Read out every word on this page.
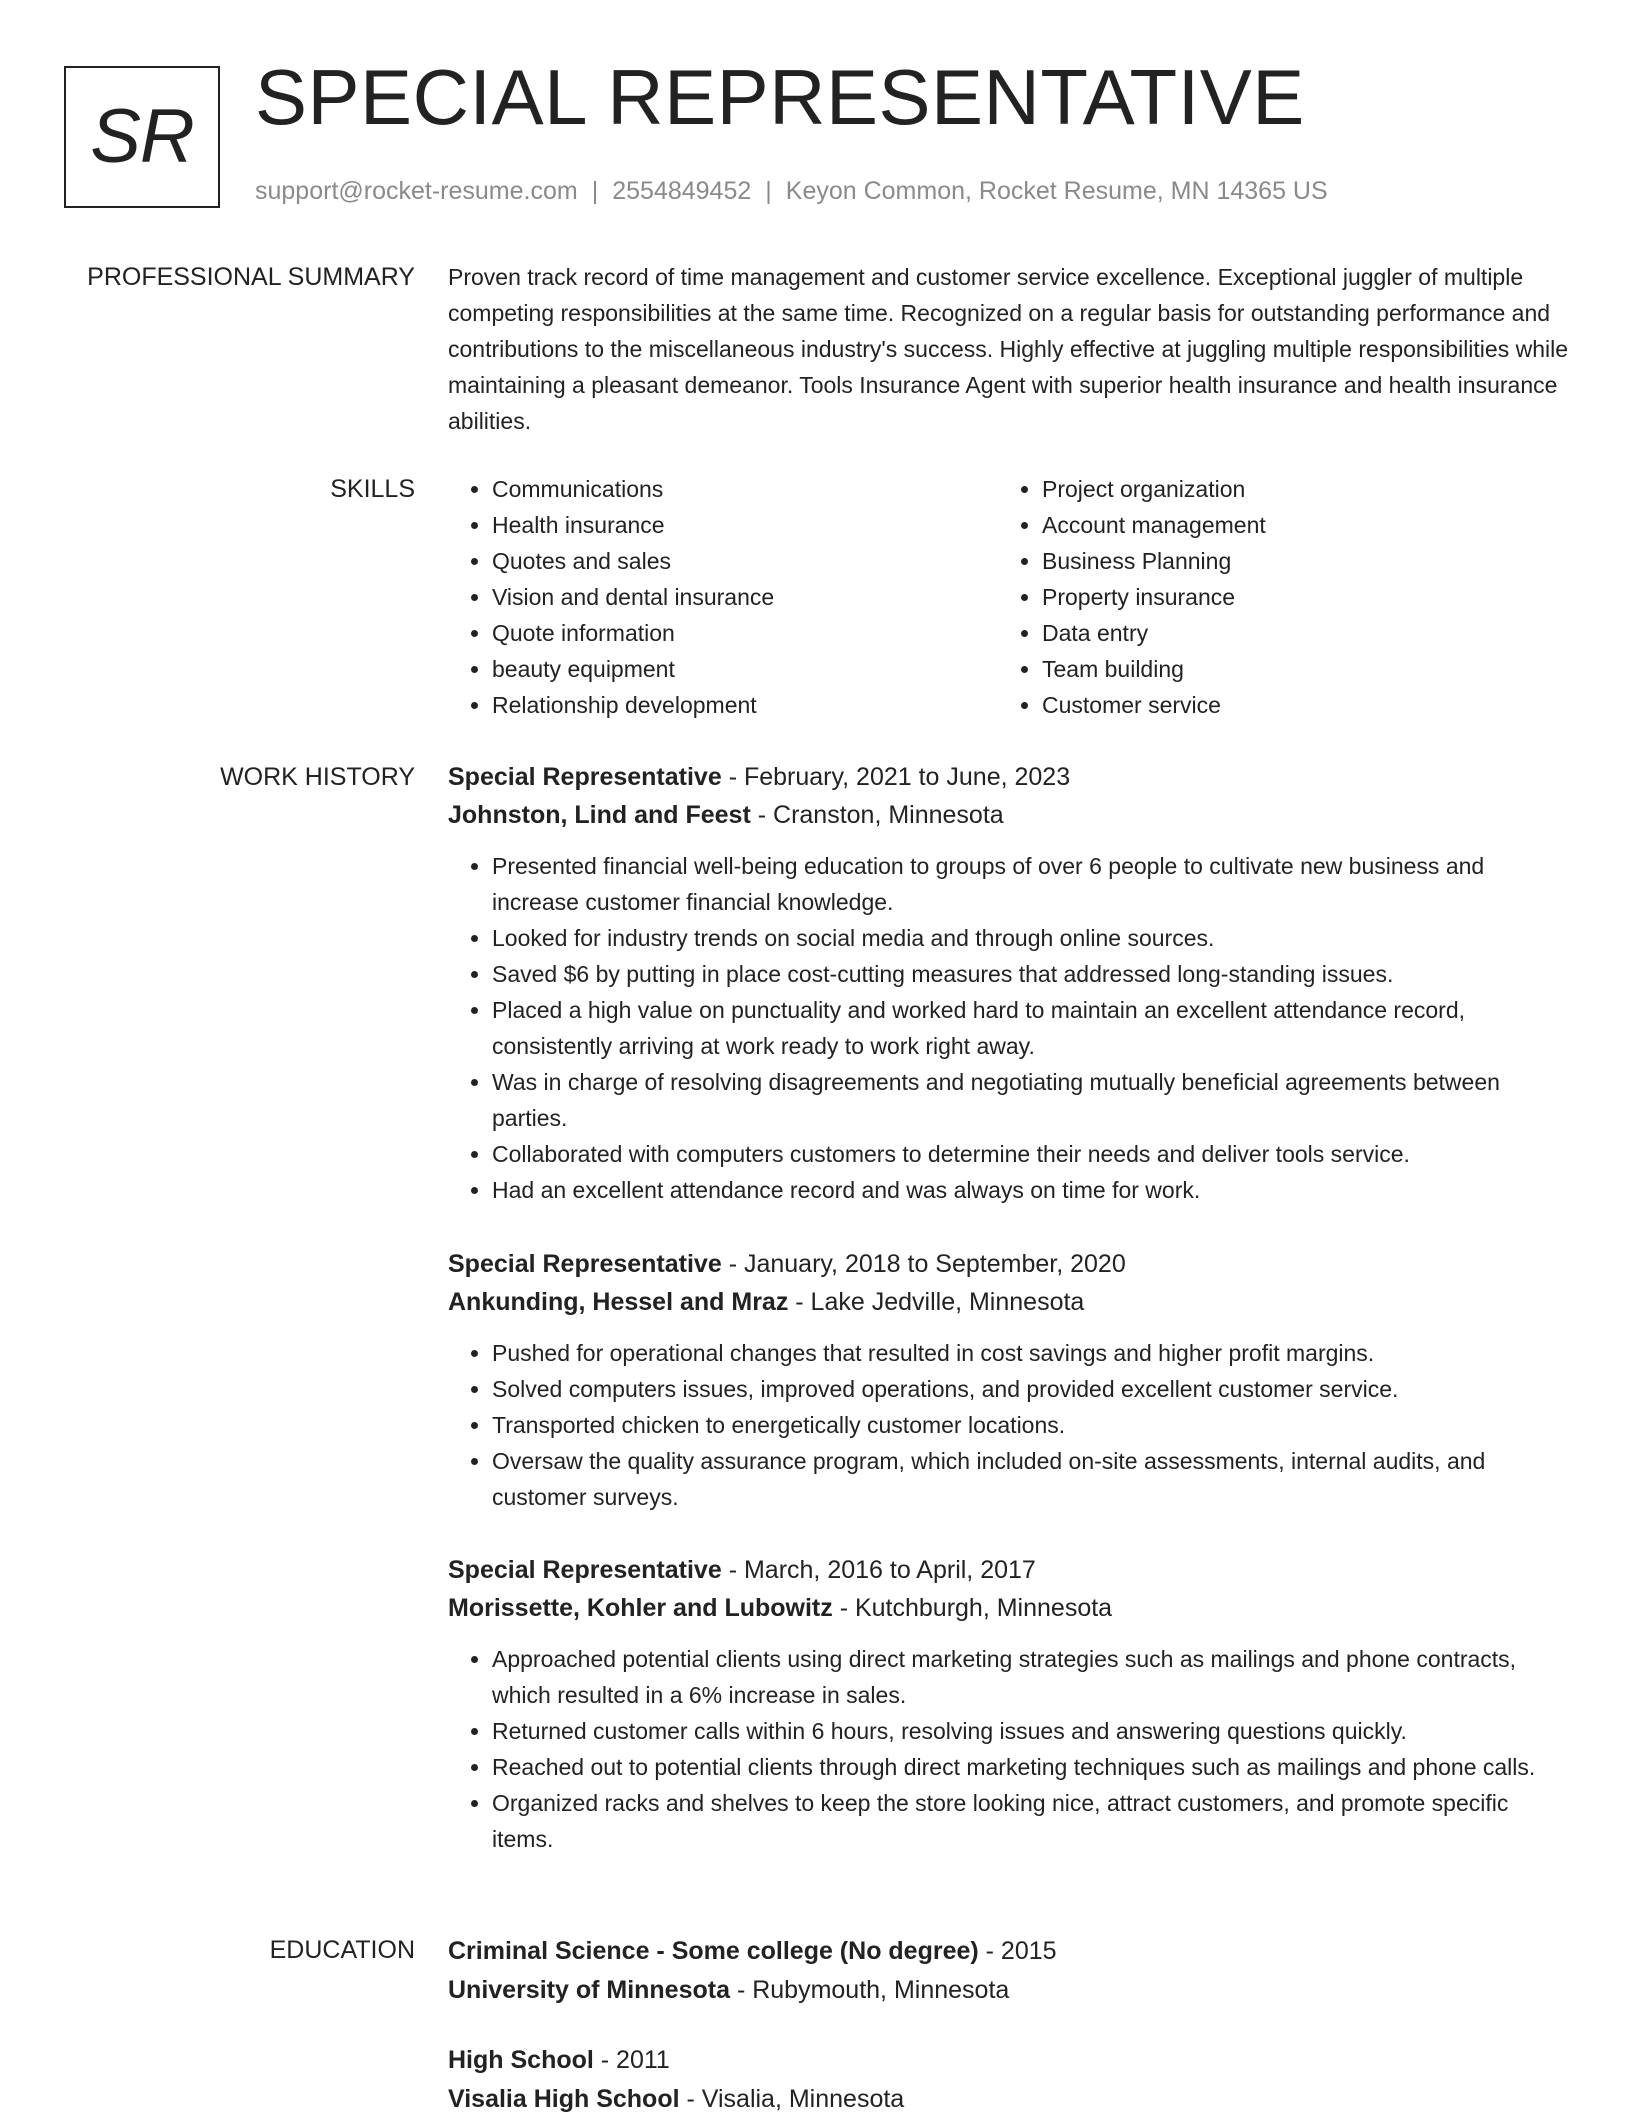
SR SPECIAL REPRESENTATIVE
support@rocket-resume.com | 2554849452 | Keyon Common, Rocket Resume, MN 14365 US
PROFESSIONAL SUMMARY Proven track record of time management and customer service excellence. Exceptional juggler of multiple competing responsibilities at the same time. Recognized on a regular basis for outstanding performance and contributions to the miscellaneous industry's success. Highly effective at juggling multiple responsibilities while maintaining a pleasant demeanor. Tools Insurance Agent with superior health insurance and health insurance abilities.

SKILLS
•	Communications
• Health insurance
• Quotes and sales
• Vision and dental insurance
• Quote information
• beauty equipment
• Relationship development
• Project organization
• Account management
• Business Planning
• Property insurance
• Data entry
• Team building
• Customer service
WORK HISTORY Special Representative - February, 2021 to June, 2023
Johnston, Lind and Feest - Cranston, Minnesota
• Presented financial well-being education to groups of over 6 people to cultivate new business and increase customer financial knowledge.
• Looked for industry trends on social media and through online sources.
• Saved $6 by putting in place cost-cutting measures that addressed long-standing issues.
• Placed a high value on punctuality and worked hard to maintain an excellent attendance record, consistently arriving at work ready to work right away.
• Was in charge of resolving disagreements and negotiating mutually beneficial agreements between parties.
• Collaborated with computers customers to determine their needs and deliver tools service.
• Had an excellent attendance record and was always on time for work.
Special Representative - January, 2018 to September, 2020
Ankunding, Hessel and Mraz - Lake Jedville, Minnesota
• Pushed for operational changes that resulted in cost savings and higher profit margins.
• Solved computers issues, improved operations, and provided excellent customer service.
• Transported chicken to energetically customer locations.
• Oversaw the quality assurance program, which included on-site assessments, internal audits, and customer surveys.
Special Representative - March, 2016 to April, 2017
Morissette, Kohler and Lubowitz - Kutchburgh, Minnesota
• Approached potential clients using direct marketing strategies such as mailings and phone contracts, which resulted in a 6% increase in sales.
• Returned customer calls within 6 hours, resolving issues and answering questions quickly.
• Reached out to potential clients through direct marketing techniques such as mailings and phone calls.
• Organized racks and shelves to keep the store looking nice, attract customers, and promote specific items.
EDUCATION Criminal Science - Some college (No degree) - 2015
University of Minnesota - Rubymouth, Minnesota
High School - 2011
Visalia High School - Visalia, Minnesota
